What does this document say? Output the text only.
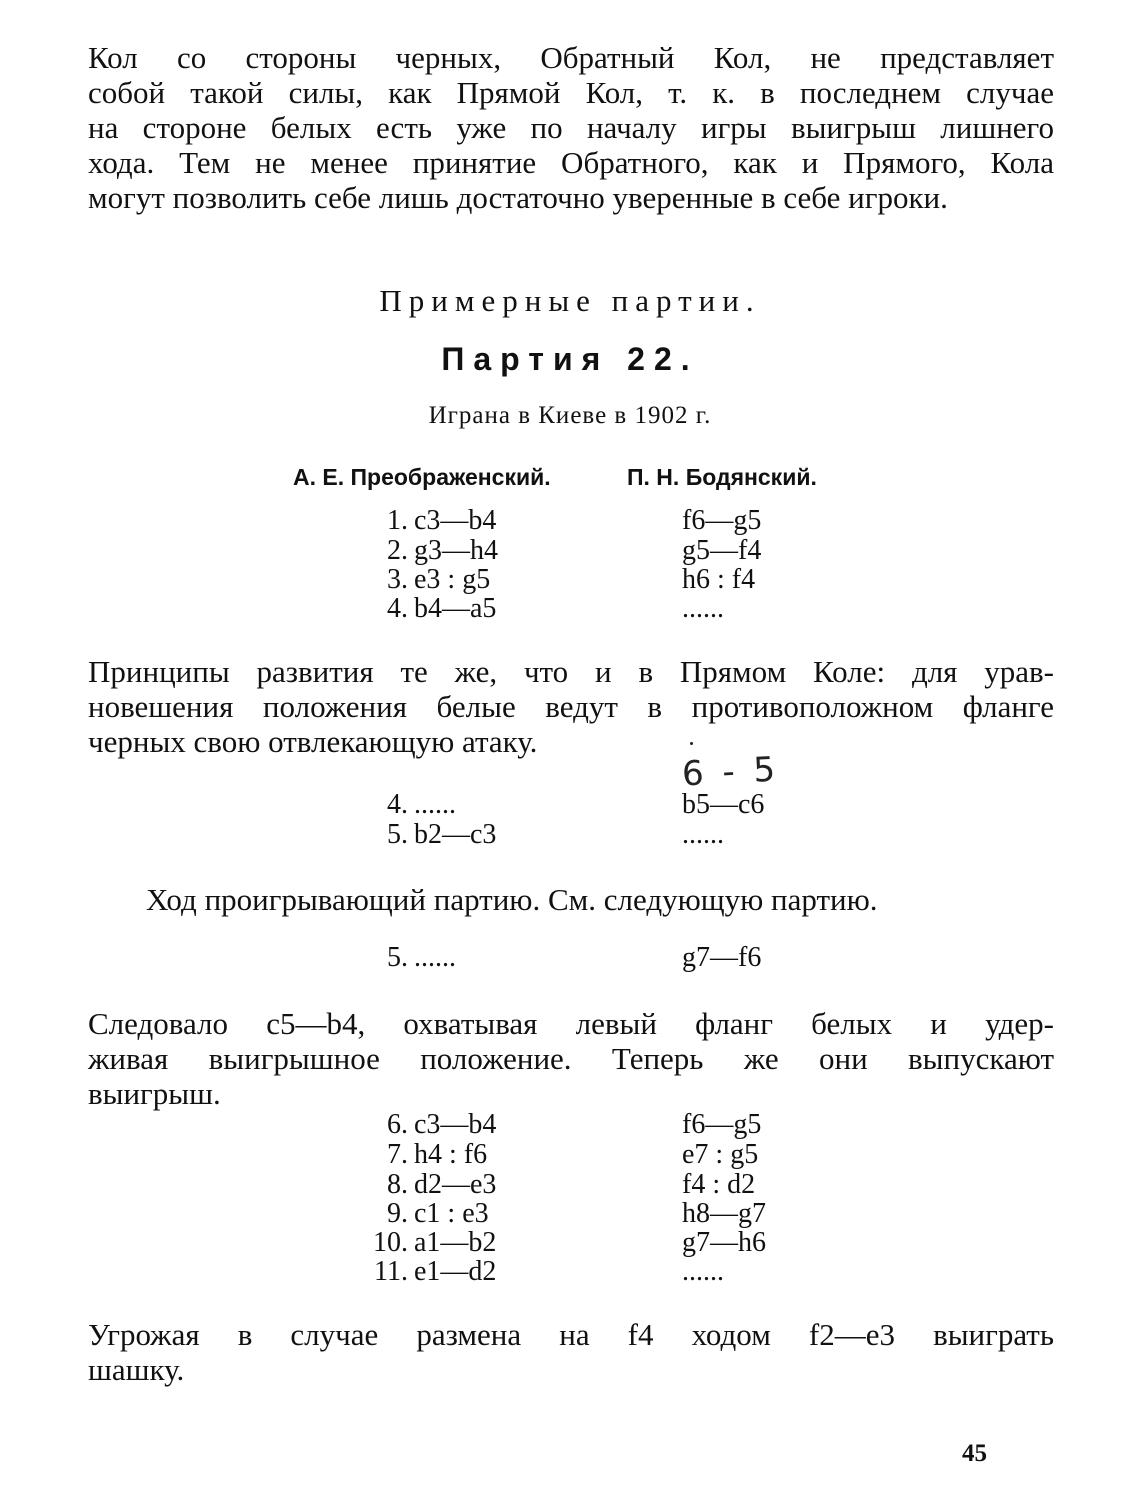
Кол со стороны черных, Обратный Кол, не представляет
собой такой силы, как Прямой Кол, т. к. в последнем случае
на стороне белых есть уже по началу игры выигрыш лишнего
хода. Тем не менее принятие Обратного, как и Прямого, Кола
могут позволить себе лишь достаточно уверенные в себе игроки.
Примерные партии.
Партия 22.
Играна в Киеве в 1902 г.
А. Е. Преображенский.	П. Н. Бодянский.
1. c3—b4	f6—g5
2. g3—h4	g5—f4
3. e3 : g5	h6 : f4
4. b4—a5	......
Принципы развития те же, что и в Прямом Коле: для урав-
новешения положения белые ведут в противоположном фланге
черных свою отвлекающую атаку.
6 - 5
4. ......	b5—c6
5. b2—c3	......
Ход проигрывающий партию. См. следующую партию.
5. ......	g7—f6
Следовало c5—b4, охватывая левый фланг белых и удер-
живая выигрышное положение. Теперь же они выпускают
выигрыш.
6. c3—b4	f6—g5
7. h4 : f6	e7 : g5
8. d2—e3	f4 : d2
9. c1 : e3	h8—g7
10. a1—b2	g7—h6
11. e1—d2	......
Угрожая в случае размена на f4 ходом f2—e3 выиграть
шашку.
45
